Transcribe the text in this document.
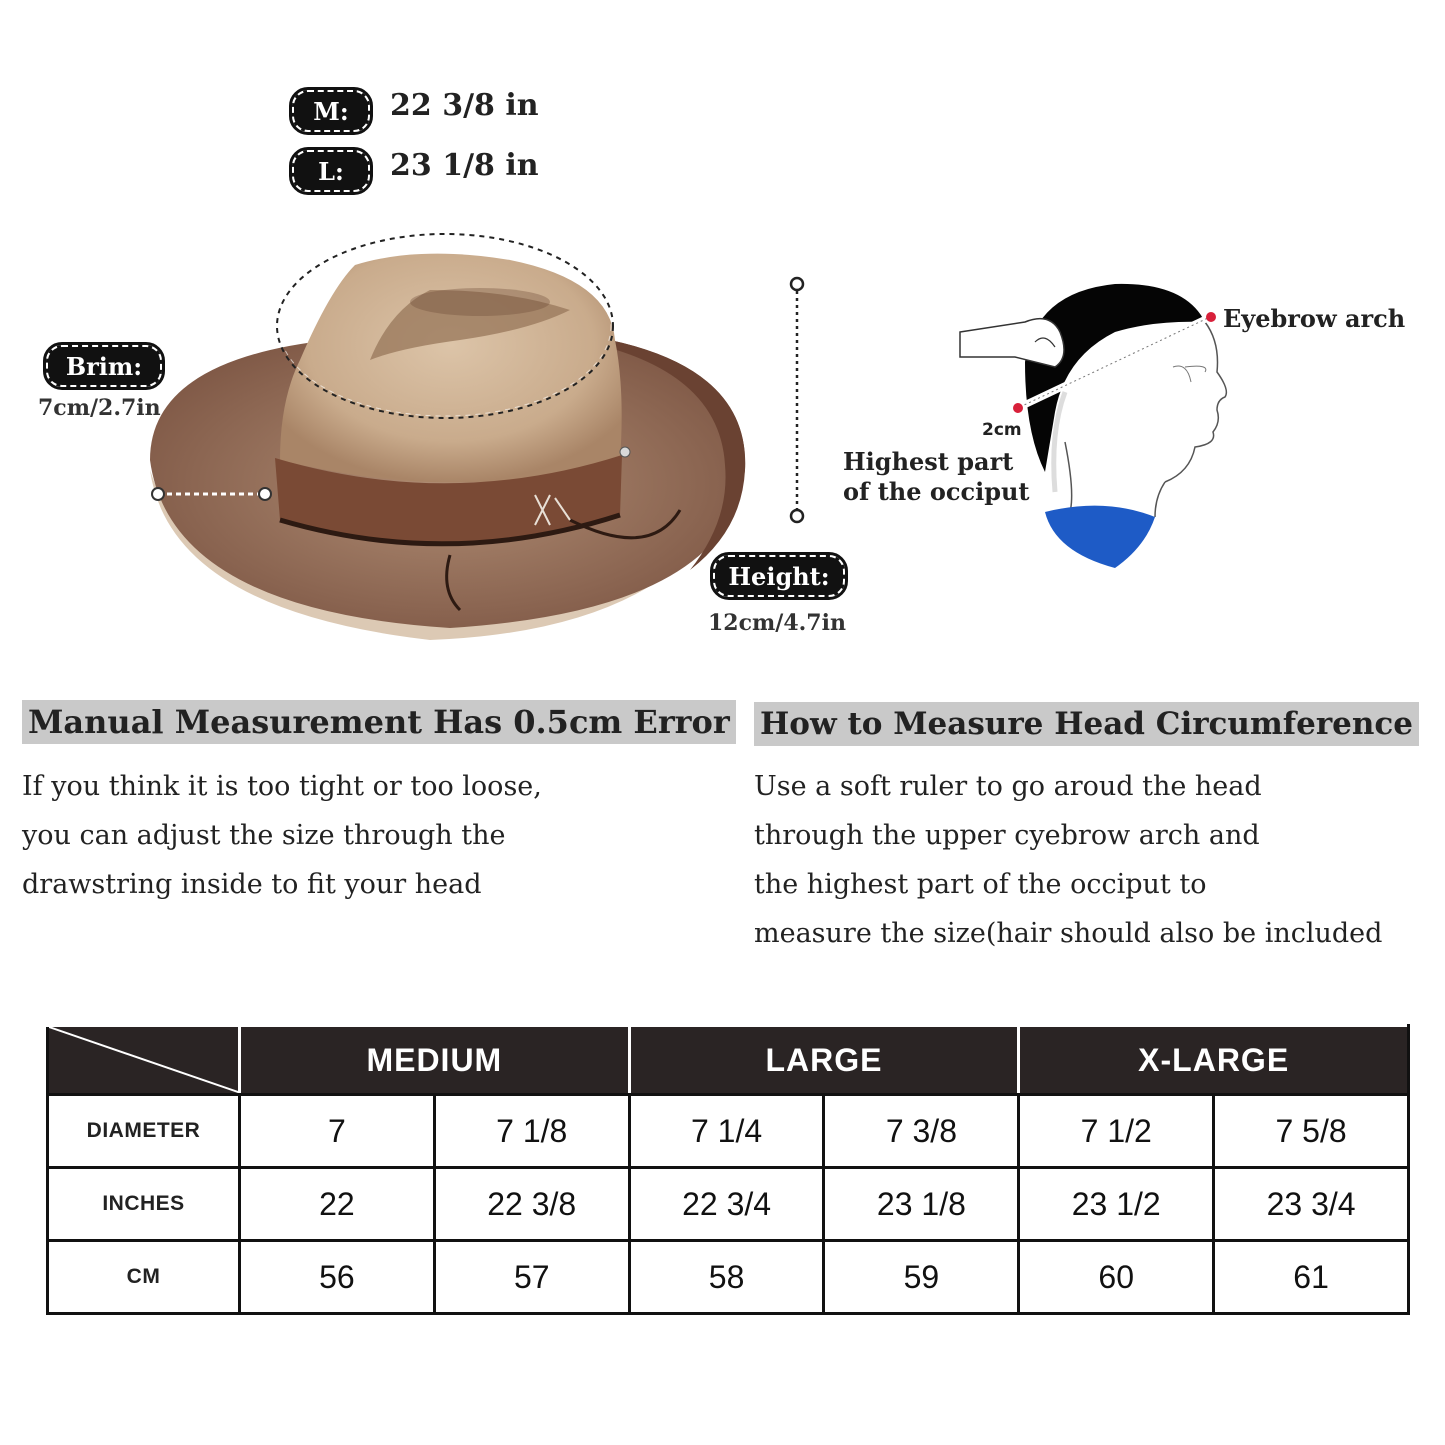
M: 22 3/8 in
L: 23 1/8 in
Brim:
7cm/2.7in
Height:
12cm/4.7in
Eyebrow arch
2cm
Highest part
of the occiput
Manual Measurement Has 0.5cm Error
If you think it is too tight or too loose,
you can adjust the size through the
drawstring inside to fit your head
How to Measure Head Circumference
Use a soft ruler to go aroud the head
through the upper cyebrow arch and
the highest part of the occiput to
measure the size(hair should also be included
	MEDIUM		LARGE		X-LARGE	
DIAMETER	7	7 1/8	7 1/4	7 3/8	7 1/2	7 5/8
INCHES	22	22 3/8	22 3/4	23 1/8	23 1/2	23 3/4
CM	56	57	58	59	60	61
